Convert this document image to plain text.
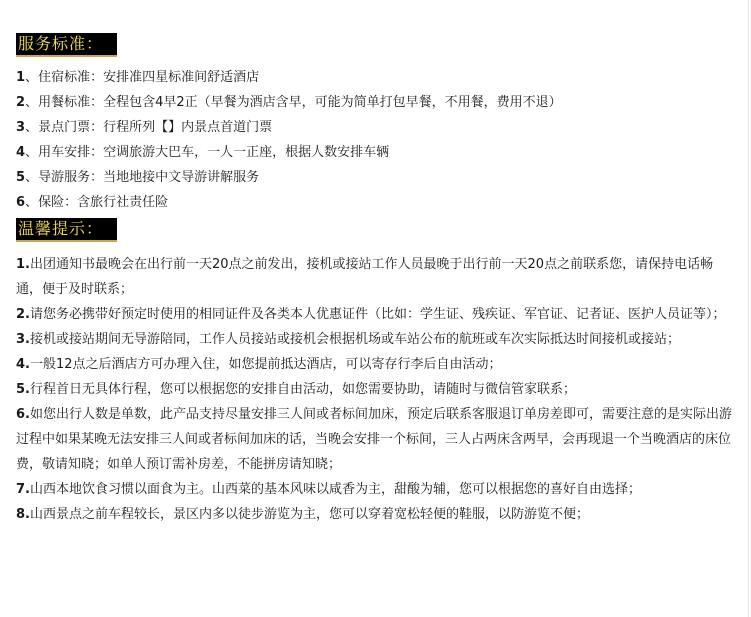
服务标准：
1、住宿标准：安排准四星标准间舒适酒店
2、用餐标准：全程包含4早2正（早餐为酒店含早，可能为简单打包早餐，不用餐，费用不退）
3、景点门票：行程所列【】内景点首道门票
4、用车安排：空调旅游大巴车，一人一正座，根据人数安排车辆
5、导游服务：当地地接中文导游讲解服务
6、保险：含旅行社责任险
温馨提示：
1.出团通知书最晚会在出行前一天20点之前发出，接机或接站工作人员最晚于出行前一天20点之前联系您，请保持电话畅通，便于及时联系；
2.请您务必携带好预定时使用的相同证件及各类本人优惠证件（比如：学生证、残疾证、军官证、记者证、医护人员证等）；
3.接机或接站期间无导游陪同，工作人员接站或接机会根据机场或车站公布的航班或车次实际抵达时间接机或接站；
4.一般12点之后酒店方可办理入住，如您提前抵达酒店，可以寄存行李后自由活动；
5.行程首日无具体行程，您可以根据您的安排自由活动，如您需要协助，请随时与微信管家联系；
6.如您出行人数是单数，此产品支持尽量安排三人间或者标间加床，预定后联系客服退订单房差即可，需要注意的是实际出游过程中如果某晚无法安排三人间或者标间加床的话，当晚会安排一个标间，三人占两床含两早，会再现退一个当晚酒店的床位费，敬请知晓；如单人预订需补房差，不能拼房请知晓；
7.山西本地饮食习惯以面食为主。山西菜的基本风味以咸香为主，甜酸为辅，您可以根据您的喜好自由选择；
8.山西景点之前车程较长，景区内多以徒步游览为主，您可以穿着宽松轻便的鞋服，以防游览不便；
